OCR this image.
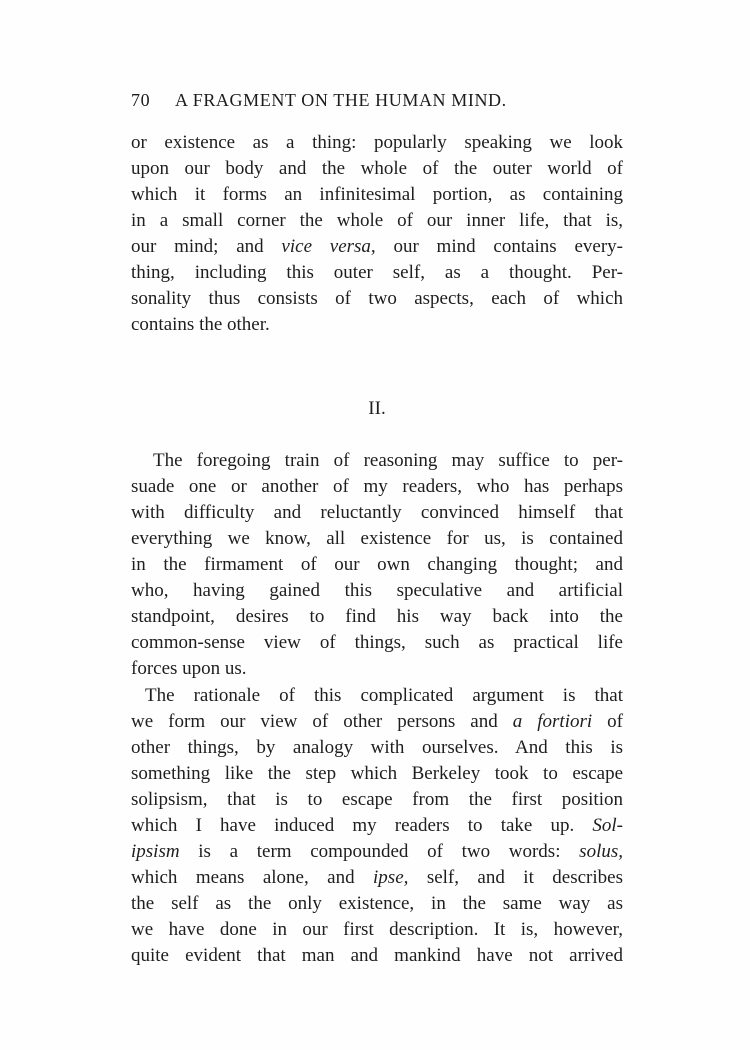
70 A FRAGMENT ON THE HUMAN MIND.
or existence as a thing: popularly speaking we look
upon our body and the whole of the outer world of
which it forms an infinitesimal portion, as containing
in a small corner the whole of our inner life, that is,
our mind; and vice versa, our mind contains every-
thing, including this outer self, as a thought. Per-
sonality thus consists of two aspects, each of which
contains the other.
II.
The foregoing train of reasoning may suffice to per-
suade one or another of my readers, who has perhaps
with difficulty and reluctantly convinced himself that
everything we know, all existence for us, is contained
in the firmament of our own changing thought; and
who, having gained this speculative and artificial
standpoint, desires to find his way back into the
common-sense view of things, such as practical life
forces upon us.
The rationale of this complicated argument is that
we form our view of other persons and a fortiori of
other things, by analogy with ourselves. And this is
something like the step which Berkeley took to escape
solipsism, that is to escape from the first position
which I have induced my readers to take up. Sol-
ipsism is a term compounded of two words: solus,
which means alone, and ipse, self, and it describes
the self as the only existence, in the same way as
we have done in our first description. It is, however,
quite evident that man and mankind have not arrived
